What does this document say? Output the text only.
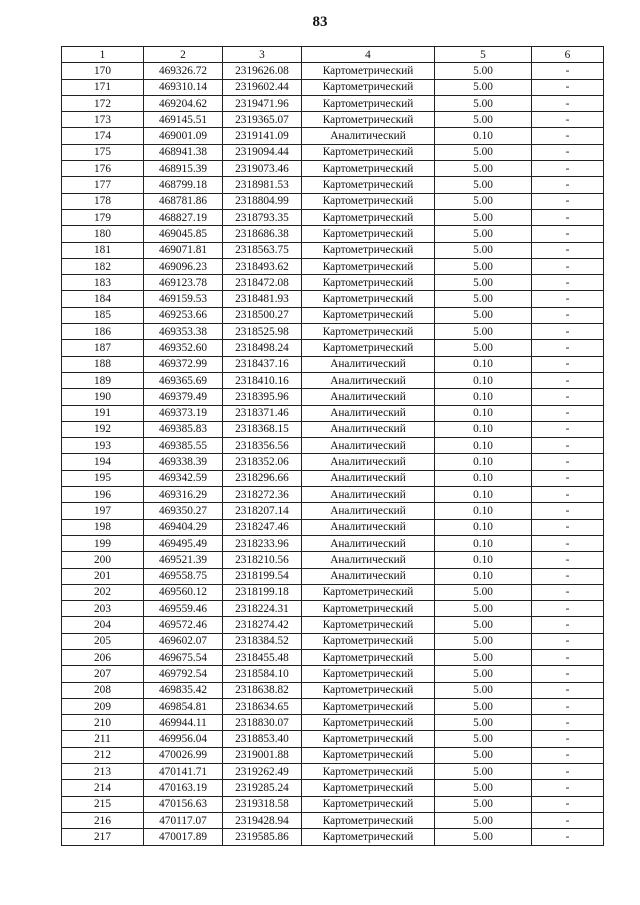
83
1	2	3	4	5	6
170	469326.72	2319626.08	Картометрический	5.00	-
171	469310.14	2319602.44	Картометрический	5.00	-
172	469204.62	2319471.96	Картометрический	5.00	-
173	469145.51	2319365.07	Картометрический	5.00	-
174	469001.09	2319141.09	Аналитический	0.10	-
175	468941.38	2319094.44	Картометрический	5.00	-
176	468915.39	2319073.46	Картометрический	5.00	-
177	468799.18	2318981.53	Картометрический	5.00	-
178	468781.86	2318804.99	Картометрический	5.00	-
179	468827.19	2318793.35	Картометрический	5.00	-
180	469045.85	2318686.38	Картометрический	5.00	-
181	469071.81	2318563.75	Картометрический	5.00	-
182	469096.23	2318493.62	Картометрический	5.00	-
183	469123.78	2318472.08	Картометрический	5.00	-
184	469159.53	2318481.93	Картометрический	5.00	-
185	469253.66	2318500.27	Картометрический	5.00	-
186	469353.38	2318525.98	Картометрический	5.00	-
187	469352.60	2318498.24	Картометрический	5.00	-
188	469372.99	2318437.16	Аналитический	0.10	-
189	469365.69	2318410.16	Аналитический	0.10	-
190	469379.49	2318395.96	Аналитический	0.10	-
191	469373.19	2318371.46	Аналитический	0.10	-
192	469385.83	2318368.15	Аналитический	0.10	-
193	469385.55	2318356.56	Аналитический	0.10	-
194	469338.39	2318352.06	Аналитический	0.10	-
195	469342.59	2318296.66	Аналитический	0.10	-
196	469316.29	2318272.36	Аналитический	0.10	-
197	469350.27	2318207.14	Аналитический	0.10	-
198	469404.29	2318247.46	Аналитический	0.10	-
199	469495.49	2318233.96	Аналитический	0.10	-
200	469521.39	2318210.56	Аналитический	0.10	-
201	469558.75	2318199.54	Аналитический	0.10	-
202	469560.12	2318199.18	Картометрический	5.00	-
203	469559.46	2318224.31	Картометрический	5.00	-
204	469572.46	2318274.42	Картометрический	5.00	-
205	469602.07	2318384.52	Картометрический	5.00	-
206	469675.54	2318455.48	Картометрический	5.00	-
207	469792.54	2318584.10	Картометрический	5.00	-
208	469835.42	2318638.82	Картометрический	5.00	-
209	469854.81	2318634.65	Картометрический	5.00	-
210	469944.11	2318830.07	Картометрический	5.00	-
211	469956.04	2318853.40	Картометрический	5.00	-
212	470026.99	2319001.88	Картометрический	5.00	-
213	470141.71	2319262.49	Картометрический	5.00	-
214	470163.19	2319285.24	Картометрический	5.00	-
215	470156.63	2319318.58	Картометрический	5.00	-
216	470117.07	2319428.94	Картометрический	5.00	-
217	470017.89	2319585.86	Картометрический	5.00	-
